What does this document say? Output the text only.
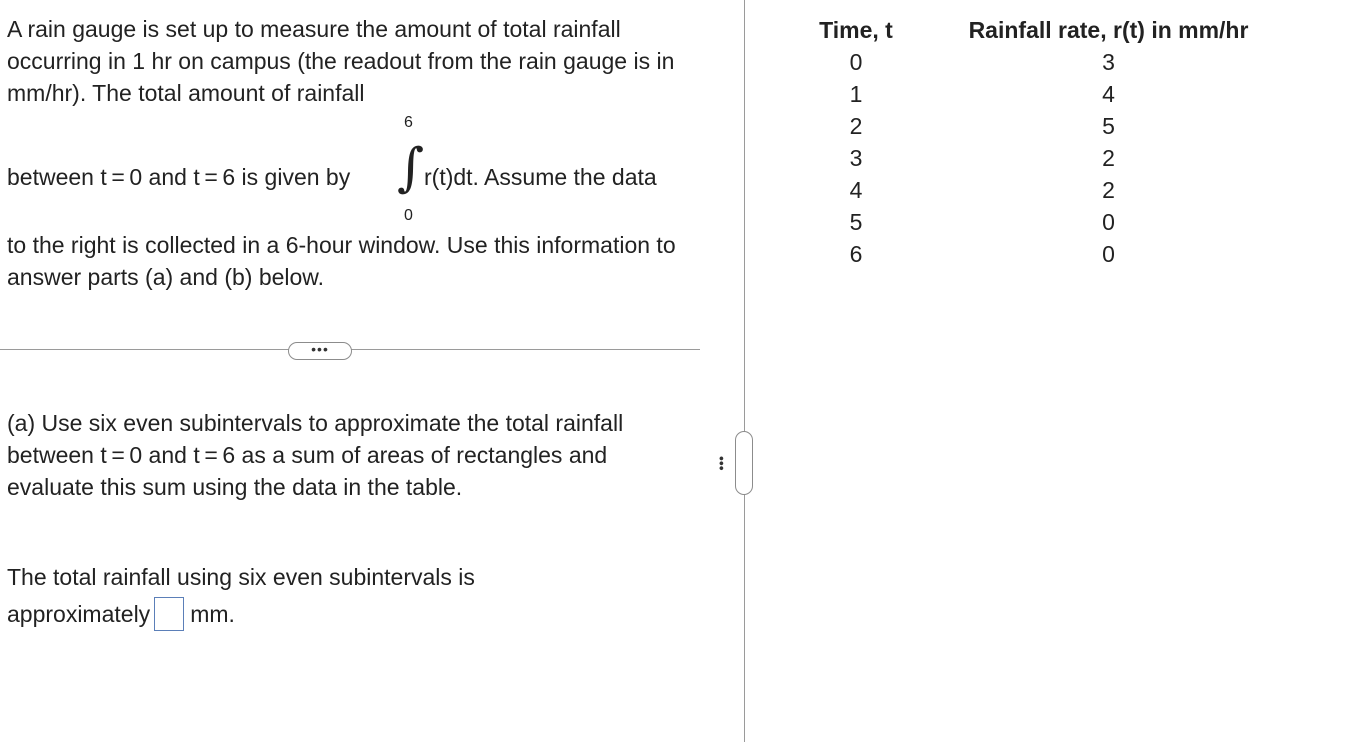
A rain gauge is set up to measure the amount of total rainfall occurring in 1 hr on campus (the readout from the rain gauge is in mm/hr). The total amount of rainfall

between t = 0 and t = 6 is given by

6
∫
0
r(t)dt. Assume the data

to the right is collected in a 6-hour window. Use this information to answer parts (a) and (b) below.

•••

(a) Use six even subintervals to approximate the total rainfall between t = 0 and t = 6 as a sum of areas of rectangles and evaluate this sum using the data in the table.

The total rainfall using six even subintervals is

approximately mm.
•••
Time, t
0
1
2
3
4
5
6
Rainfall rate, r(t) in mm/hr
3
4
5
2
2
0
0
